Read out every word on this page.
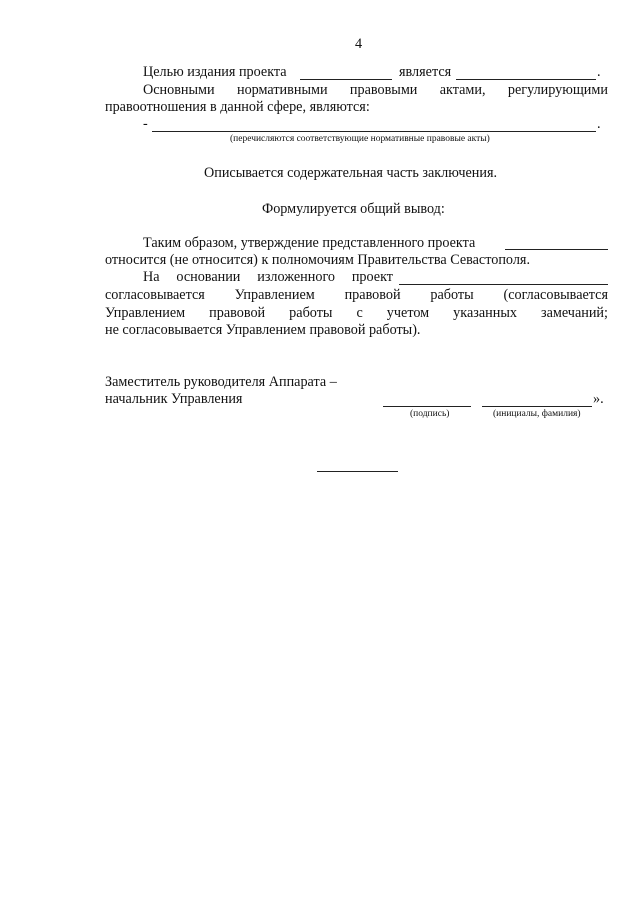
4
Целью издания проекта	является	.
Основными нормативными правовыми актами, регулирующими
правоотношения в данной сфере, являются:
-	.
(перечисляются соответствующие нормативные правовые акты)
Описывается содержательная часть заключения.
Формулируется общий вывод:
Таким образом, утверждение представленного проекта
относится (не относится) к полномочиям Правительства Севастополя.
На основании изложенного проект
согласовывается Управлением правовой работы (согласовывается
Управлением правовой работы с учетом указанных замечаний;
не согласовывается Управлением правовой работы).
Заместитель руководителя Аппарата –
начальник Управления	».
(подпись)	(инициалы, фамилия)
